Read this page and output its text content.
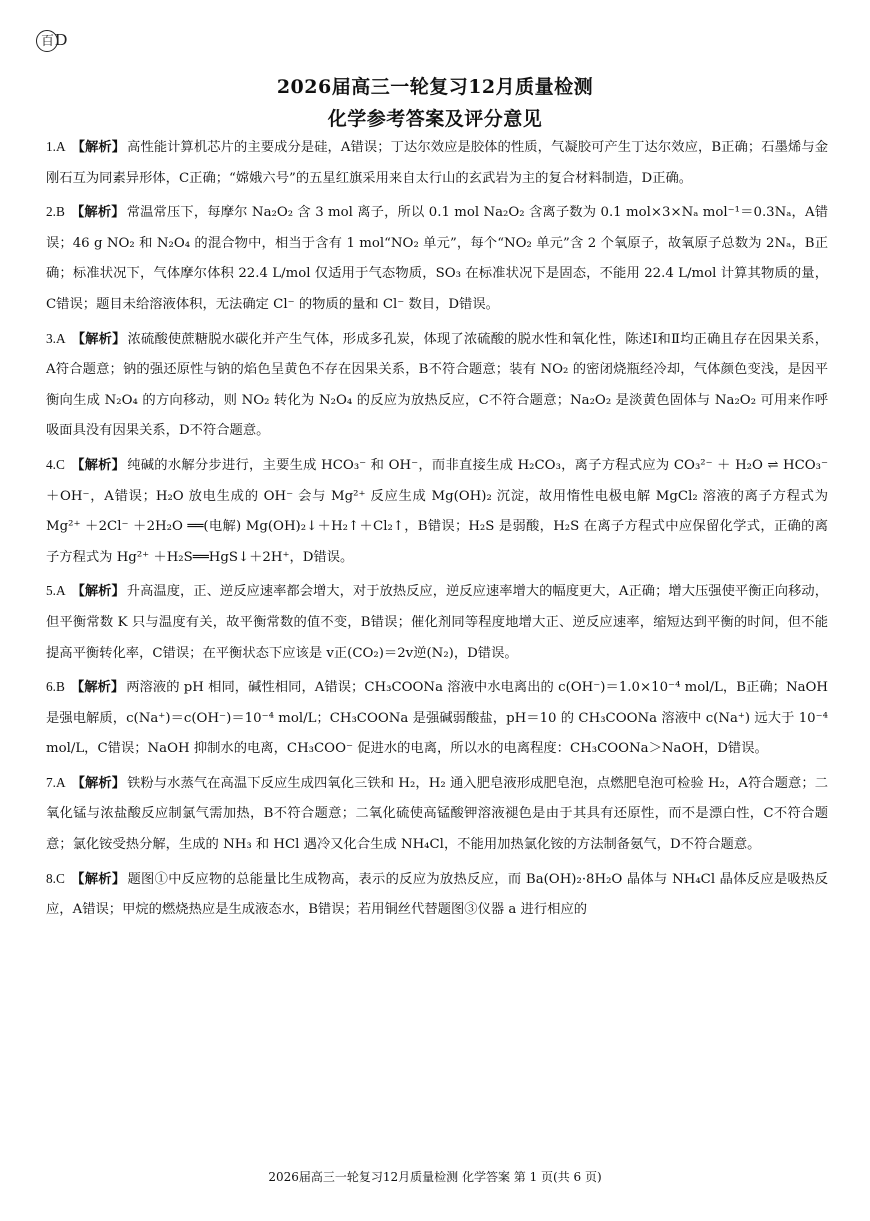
百 D
2026届高三一轮复习12月质量检测
化学参考答案及评分意见
1.A 【解析】 高性能计算机芯片的主要成分是硅，A错误；丁达尔效应是胶体的性质，气凝胶可产生丁达尔效应，B正确；石墨烯与金刚石互为同素异形体，C正确；“嫦娥六号”的五星红旗采用来自太行山的玄武岩为主的复合材料制造，D正确。
2.B 【解析】 常温常压下，每摩尔 Na₂O₂ 含 3 mol 离子，所以 0.1 mol Na₂O₂ 含离子数为 0.1 mol×3×Nₐ mol⁻¹＝0.3Nₐ，A错误；46 g NO₂ 和 N₂O₄ 的混合物中，相当于含有 1 mol“NO₂ 单元”，每个“NO₂ 单元”含 2 个氧原子，故氧原子总数为 2Nₐ，B正确；标准状况下，气体摩尔体积 22.4 L/mol 仅适用于气态物质，SO₃ 在标准状况下是固态，不能用 22.4 L/mol 计算其物质的量，C错误；题目未给溶液体积，无法确定 Cl⁻ 的物质的量和 Cl⁻ 数目，D错误。
3.A 【解析】 浓硫酸使蔗糖脱水碳化并产生气体，形成多孔炭，体现了浓硫酸的脱水性和氧化性，陈述Ⅰ和Ⅱ均正确且存在因果关系，A符合题意；钠的强还原性与钠的焰色呈黄色不存在因果关系，B不符合题意；装有 NO₂ 的密闭烧瓶经冷却，气体颜色变浅，是因平衡向生成 N₂O₄ 的方向移动，则 NO₂ 转化为 N₂O₄ 的反应为放热反应，C不符合题意；Na₂O₂ 是淡黄色固体与 Na₂O₂ 可用来作呼吸面具没有因果关系，D不符合题意。
4.C 【解析】 纯碱的水解分步进行，主要生成 HCO₃⁻ 和 OH⁻，而非直接生成 H₂CO₃，离子方程式应为 CO₃²⁻ ＋ H₂O ⇌ HCO₃⁻ ＋OH⁻，A错误；H₂O 放电生成的 OH⁻ 会与 Mg²⁺ 反应生成 Mg(OH)₂ 沉淀，故用惰性电极电解 MgCl₂ 溶液的离子方程式为 Mg²⁺ ＋2Cl⁻ ＋2H₂O ══(电解) Mg(OH)₂↓＋H₂↑＋Cl₂↑，B错误；H₂S 是弱酸，H₂S 在离子方程式中应保留化学式，正确的离子方程式为 Hg²⁺ ＋H₂S══HgS↓＋2H⁺，D错误。
5.A 【解析】 升高温度，正、逆反应速率都会增大，对于放热反应，逆反应速率增大的幅度更大，A正确；增大压强使平衡正向移动，但平衡常数 K 只与温度有关，故平衡常数的值不变，B错误；催化剂同等程度地增大正、逆反应速率，缩短达到平衡的时间，但不能提高平衡转化率，C错误；在平衡状态下应该是 v正(CO₂)＝2v逆(N₂)，D错误。
6.B 【解析】 两溶液的 pH 相同，碱性相同，A错误；CH₃COONa 溶液中水电离出的 c(OH⁻)＝1.0×10⁻⁴ mol/L，B正确；NaOH 是强电解质，c(Na⁺)＝c(OH⁻)＝10⁻⁴ mol/L；CH₃COONa 是强碱弱酸盐，pH＝10 的 CH₃COONa 溶液中 c(Na⁺) 远大于 10⁻⁴ mol/L，C错误；NaOH 抑制水的电离，CH₃COO⁻ 促进水的电离，所以水的电离程度：CH₃COONa＞NaOH，D错误。
7.A 【解析】 铁粉与水蒸气在高温下反应生成四氧化三铁和 H₂，H₂ 通入肥皂液形成肥皂泡，点燃肥皂泡可检验 H₂，A符合题意；二氧化锰与浓盐酸反应制氯气需加热，B不符合题意；二氧化硫使高锰酸钾溶液褪色是由于其具有还原性，而不是漂白性，C不符合题意；氯化铵受热分解，生成的 NH₃ 和 HCl 遇冷又化合生成 NH₄Cl，不能用加热氯化铵的方法制备氨气，D不符合题意。
8.C 【解析】 题图①中反应物的总能量比生成物高，表示的反应为放热反应，而 Ba(OH)₂·8H₂O 晶体与 NH₄Cl 晶体反应是吸热反应，A错误；甲烷的燃烧热应是生成液态水，B错误；若用铜丝代替题图③仪器 a 进行相应的
2026届高三一轮复习12月质量检测 化学答案 第 1 页(共 6 页)
